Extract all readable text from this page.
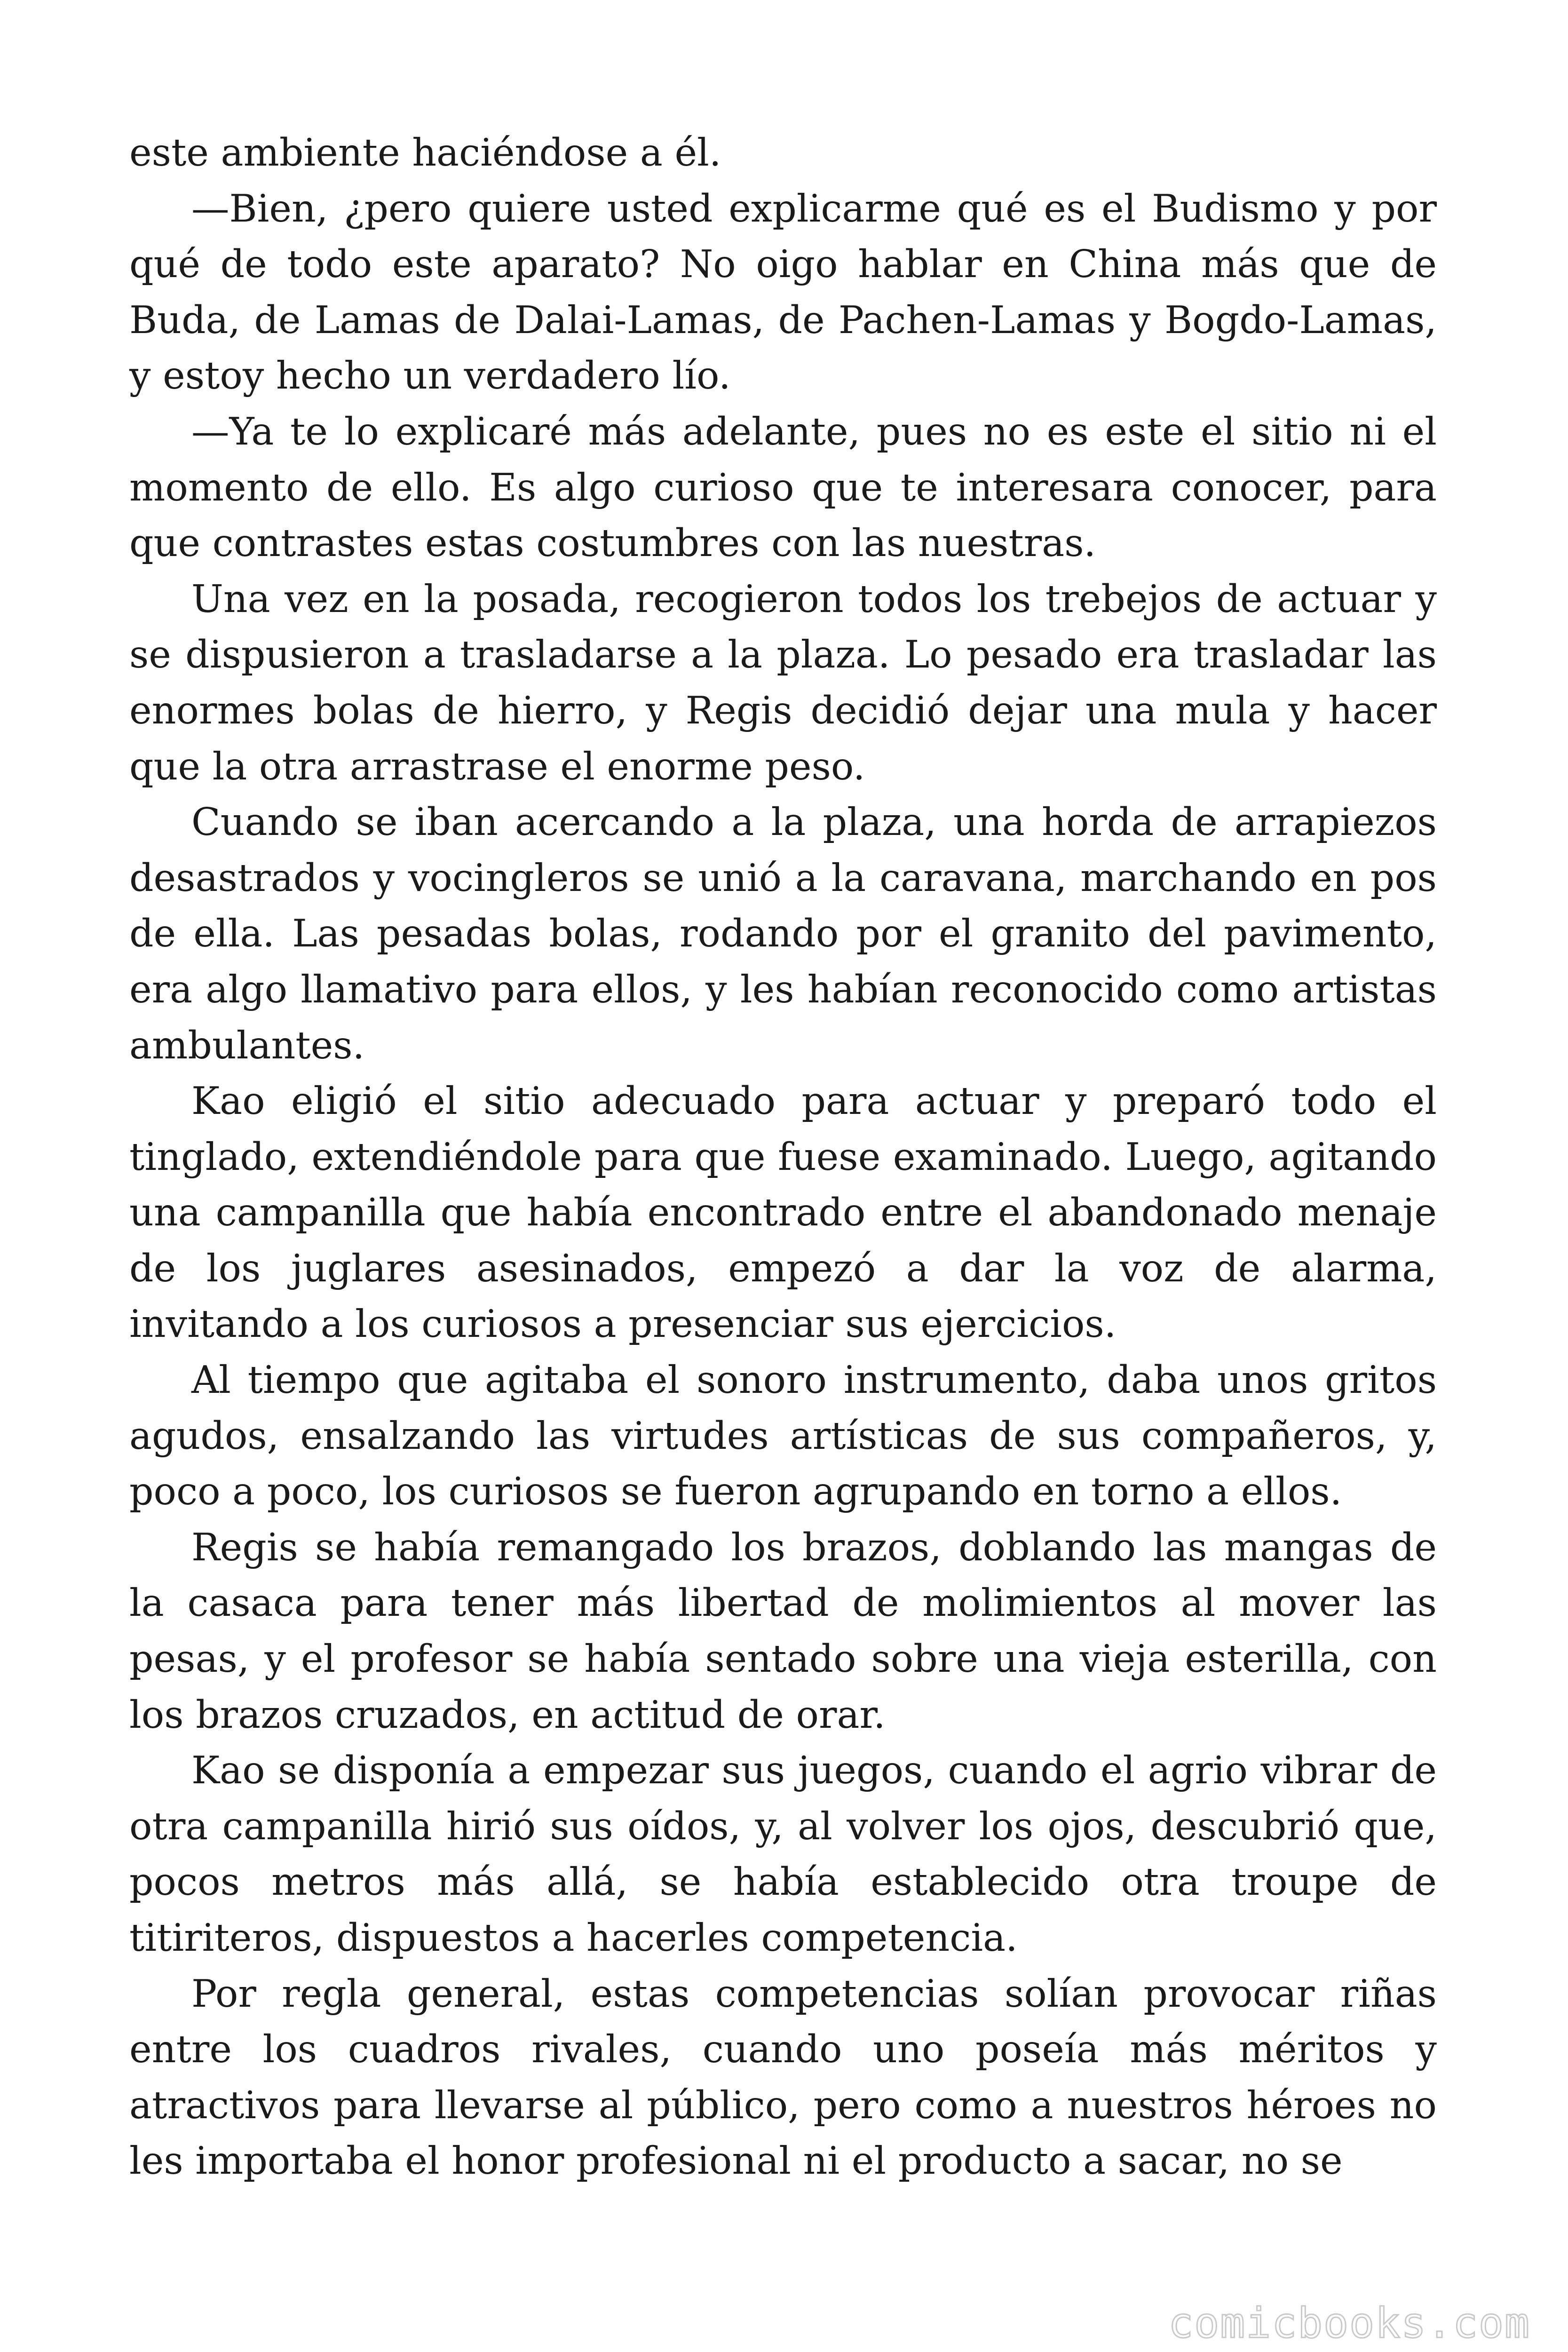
este ambiente haciéndose a él.

—Bien, ¿pero quiere usted explicarme qué es el Budismo y por qué de todo este aparato? No oigo hablar en China más que de Buda, de Lamas de Dalai-Lamas, de Pachen-Lamas y Bogdo-Lamas, y estoy hecho un verdadero lío.

—Ya te lo explicaré más adelante, pues no es este el sitio ni el momento de ello. Es algo curioso que te interesara conocer, para que contrastes estas costumbres con las nuestras.

Una vez en la posada, recogieron todos los trebejos de actuar y se dispusieron a trasladarse a la plaza. Lo pesado era trasladar las enormes bolas de hierro, y Regis decidió dejar una mula y hacer que la otra arrastrase el enorme peso.

Cuando se iban acercando a la plaza, una horda de arrapiezos desastrados y vocingleros se unió a la caravana, marchando en pos de ella. Las pesadas bolas, rodando por el granito del pavimento, era algo llamativo para ellos, y les habían reconocido como artistas ambulantes.

Kao eligió el sitio adecuado para actuar y preparó todo el tinglado, extendiéndole para que fuese examinado. Luego, agitando una campanilla que había encontrado entre el abandonado menaje de los juglares asesinados, empezó a dar la voz de alarma, invitando a los curiosos a presenciar sus ejercicios.

Al tiempo que agitaba el sonoro instrumento, daba unos gritos agudos, ensalzando las virtudes artísticas de sus compañeros, y, poco a poco, los curiosos se fueron agrupando en torno a ellos.

Regis se había remangado los brazos, doblando las mangas de la casaca para tener más libertad de molimientos al mover las pesas, y el profesor se había sentado sobre una vieja esterilla, con los brazos cruzados, en actitud de orar.

Kao se disponía a empezar sus juegos, cuando el agrio vibrar de otra campanilla hirió sus oídos, y, al volver los ojos, descubrió que, pocos metros más allá, se había establecido otra troupe de titiriteros, dispuestos a hacerles competencia.

Por regla general, estas competencias solían provocar riñas entre los cuadros rivales, cuando uno poseía más méritos y atractivos para llevarse al público, pero como a nuestros héroes no les importaba el honor profesional ni el producto a sacar, no se

comicbooks.com
